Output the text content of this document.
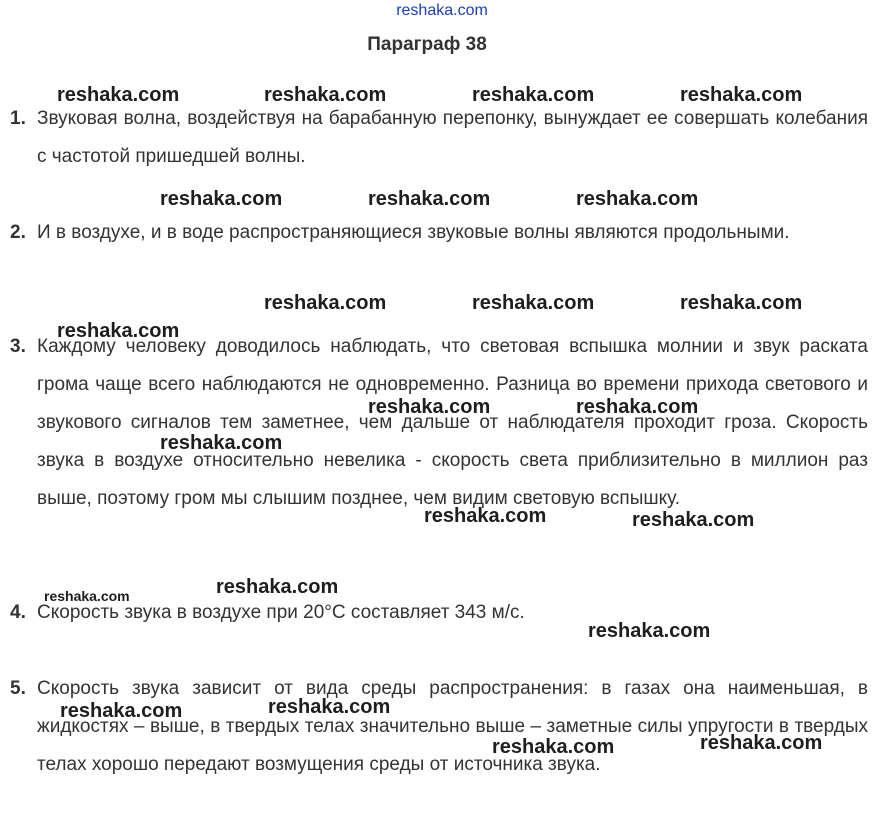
reshaka.com
Параграф 38
1. Звуковая волна, воздействуя на барабанную перепонку, вынуждает ее совершать колебания с частотой пришедшей волны.
2. И в воздухе, и в воде распространяющиеся звуковые волны являются продольными.
3. Каждому человеку доводилось наблюдать, что световая вспышка молнии и звук раската грома чаще всего наблюдаются не одновременно. Разница во времени прихода светового и звукового сигналов тем заметнее, чем дальше от наблюдателя проходит гроза. Скорость звука в воздухе относительно невелика - скорость света приблизительно в миллион раз выше, поэтому гром мы слышим позднее, чем видим световую вспышку.
4. Скорость звука в воздухе при 20°С составляет 343 м/с.
5. Скорость звука зависит от вида среды распространения: в газах она наименьшая, в жидкостях – выше, в твердых телах значительно выше – заметные силы упругости в твердых телах хорошо передают возмущения среды от источника звука.
reshaka.com	reshaka.com	reshaka.com	reshaka.com
reshaka.com	reshaka.com	reshaka.com
reshaka.com	reshaka.com	reshaka.com
reshaka.com
reshaka.com	reshaka.com
reshaka.com
reshaka.com	reshaka.com
reshaka.com	reshaka.com
reshaka.com
reshaka.com	reshaka.com
reshaka.com	reshaka.com
